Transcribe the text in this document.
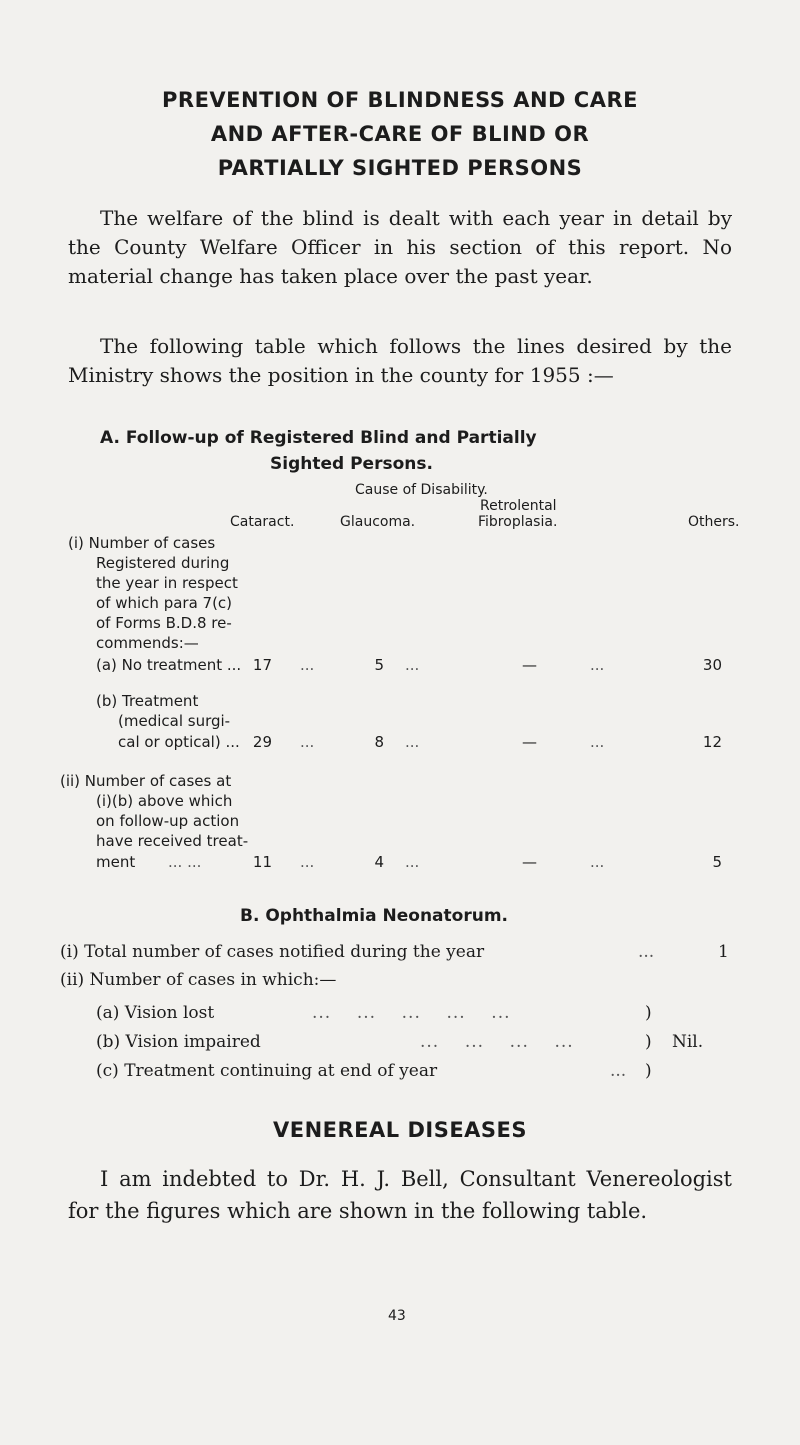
PREVENTION OF BLINDNESS AND CARE
AND AFTER-CARE OF BLIND OR
PARTIALLY SIGHTED PERSONS
The welfare of the blind is dealt with each year in detail by the County Welfare Officer in his section of this report. No material change has taken place over the past year.
The following table which follows the lines desired by the Ministry shows the position in the county for 1955 :—
A. Follow-up of Registered Blind and Partially
Sighted Persons.
Cause of Disability.
Retrolental
Cataract.	Glaucoma.	Fibroplasia.	Others.
(i) Number of cases
Registered during
the year in respect
of which para 7(c)
of Forms B.D.8 re-
commends:—
(a) No treatment ... 17 ...	5 ...	—	...	30
(b) Treatment
(medical surgi-
cal or optical) ... 29 ...	8 ...	—	...	12
(ii) Number of cases at
(i)(b) above which
on follow-up action
have received treat-
ment ... ...	11 ...	4 ...	—	...	5
B. Ophthalmia Neonatorum.
(i) Total number of cases notified during the year	...	1
(ii) Number of cases in which:—
(a) Vision lost	...    ...    ...    ...    ...	)
(b) Vision impaired	...    ...    ...    ...	) Nil.
(c) Treatment continuing at end of year	... )
VENEREAL DISEASES
I am indebted to Dr. H. J. Bell, Consultant Venereologist for the figures which are shown in the following table.
43
